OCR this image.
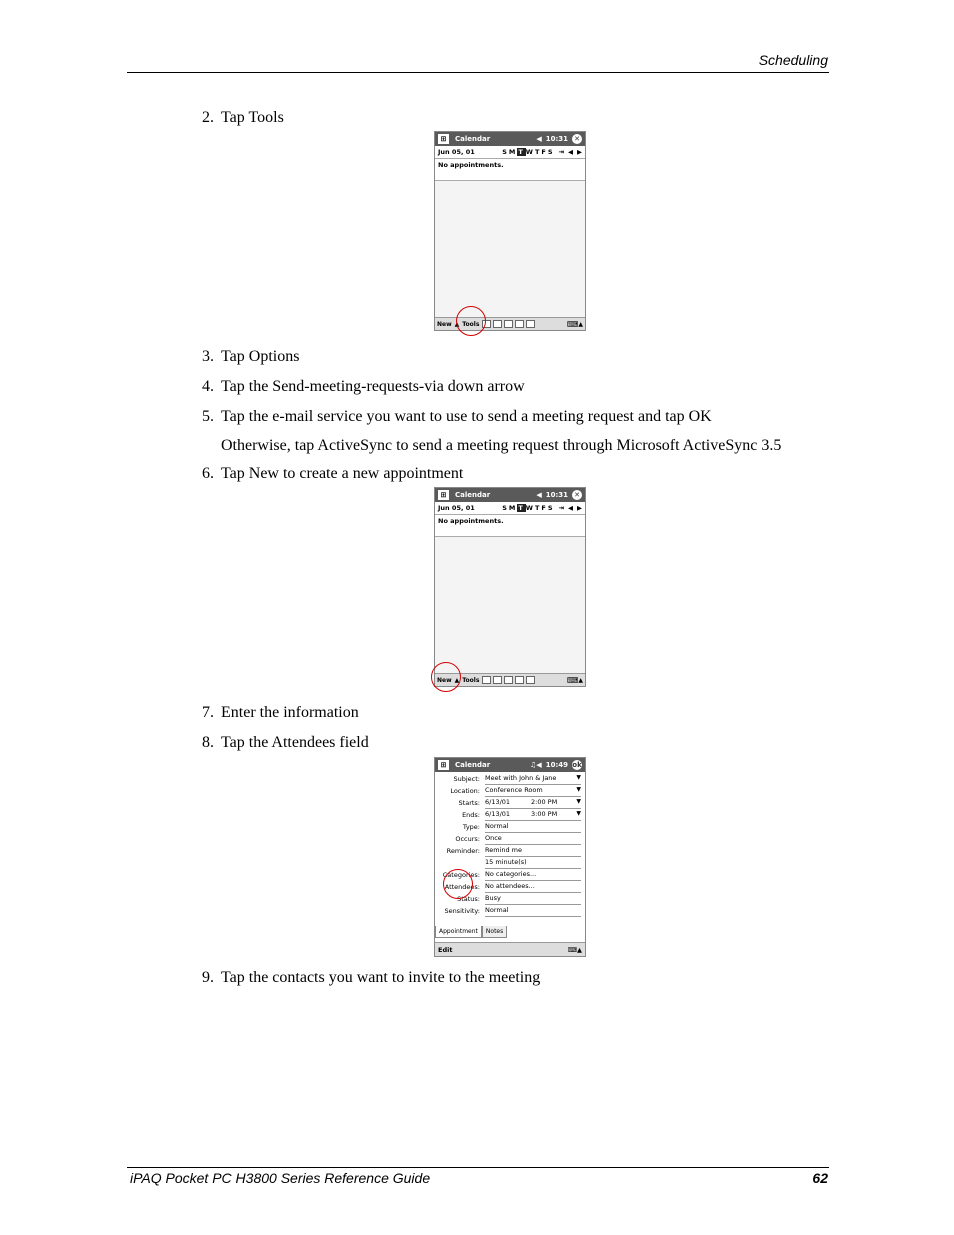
Scheduling
2. Tap Tools
⊞	Calendar	◀ 10:31 ✕
Jun 05, 01	SMTWTFS ⇥ ◀ ▶
No appointments.
New ▲ Tools	⌨ ▲
3. Tap Options
4. Tap the Send-meeting-requests-via down arrow
5. Tap the e-mail service you want to use to send a meeting request and tap OK
Otherwise, tap ActiveSync to send a meeting request through Microsoft ActiveSync 3.5
6. Tap New to create a new appointment
⊞	Calendar	◀ 10:31 ✕
Jun 05, 01	SMTWTFS ⇥ ◀ ▶
No appointments.
New ▲ Tools	⌨ ▲
7. Enter the information
8. Tap the Attendees field
⊞	Calendar	♫◀ 10:49 ok
Subject: Meet with John & Jane	▼
Location: Conference Room	▼
Starts: 6/13/01	2:00 PM	▼
Ends: 6/13/01	3:00 PM	▼
Type: Normal
Occurs: Once
Reminder: Remind me
15 minute(s)
Categories: No categories...
Attendees: No attendees...
Status: Busy
Sensitivity: Normal
Appointment	Notes
Edit	⌨ ▲
9. Tap the contacts you want to invite to the meeting
iPAQ Pocket PC H3800 Series Reference Guide	62
